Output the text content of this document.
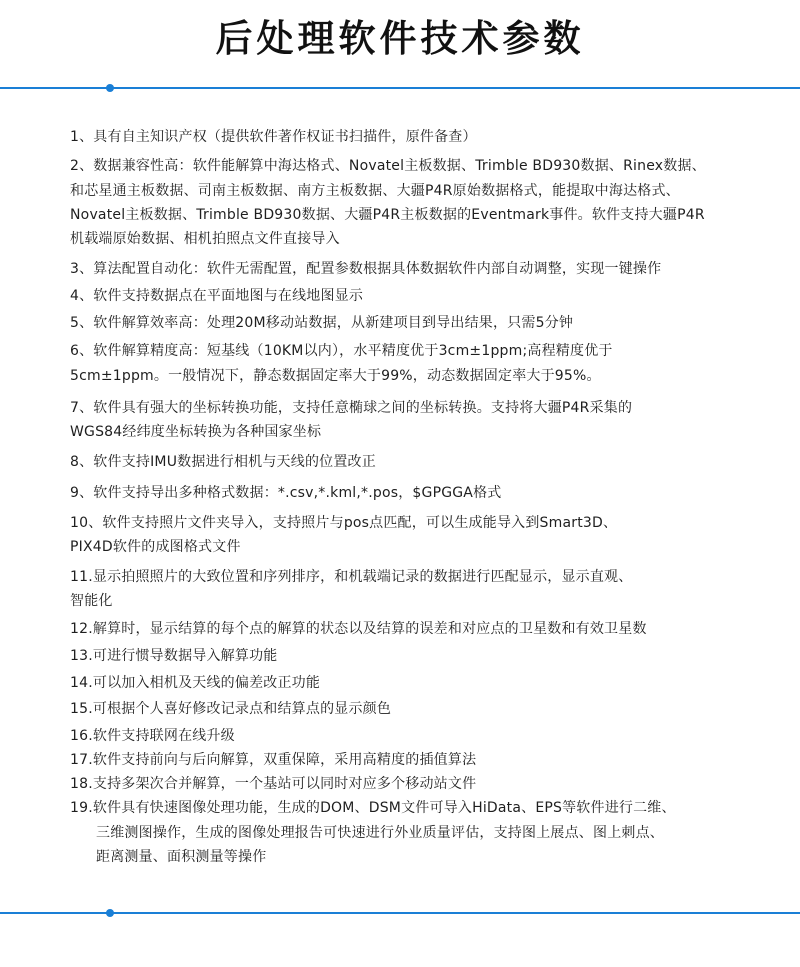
后处理软件技术参数
1、具有自主知识产权（提供软件著作权证书扫描件，原件备查）
2、数据兼容性高：软件能解算中海达格式、Novatel主板数据、Trimble BD930数据、Rinex数据、
和芯星通主板数据、司南主板数据、南方主板数据、大疆P4R原始数据格式，能提取中海达格式、
Novatel主板数据、Trimble BD930数据、大疆P4R主板数据的Eventmark事件。软件支持大疆P4R
机载端原始数据、相机拍照点文件直接导入
3、算法配置自动化：软件无需配置，配置参数根据具体数据软件内部自动调整，实现一键操作
4、软件支持数据点在平面地图与在线地图显示
5、软件解算效率高：处理20M移动站数据，从新建项目到导出结果，只需5分钟
6、软件解算精度高：短基线（10KM以内），水平精度优于3cm±1ppm;高程精度优于
5cm±1ppm。一般情况下，静态数据固定率大于99%，动态数据固定率大于95%。
7、软件具有强大的坐标转换功能，支持任意椭球之间的坐标转换。支持将大疆P4R采集的
WGS84经纬度坐标转换为各种国家坐标
8、软件支持IMU数据进行相机与天线的位置改正
9、软件支持导出多种格式数据：*.csv,*.kml,*.pos，$GPGGA格式
10、软件支持照片文件夹导入，支持照片与pos点匹配，可以生成能导入到Smart3D、
PIX4D软件的成图格式文件
11.显示拍照照片的大致位置和序列排序，和机载端记录的数据进行匹配显示，显示直观、
智能化
12.解算时，显示结算的每个点的解算的状态以及结算的误差和对应点的卫星数和有效卫星数
13.可进行惯导数据导入解算功能
14.可以加入相机及天线的偏差改正功能
15.可根据个人喜好修改记录点和结算点的显示颜色
16.软件支持联网在线升级
17.软件支持前向与后向解算，双重保障，采用高精度的插值算法
18.支持多架次合并解算，一个基站可以同时对应多个移动站文件
19.软件具有快速图像处理功能，生成的DOM、DSM文件可导入HiData、EPS等软件进行二维、
三维测图操作，生成的图像处理报告可快速进行外业质量评估，支持图上展点、图上刺点、
距离测量、面积测量等操作
